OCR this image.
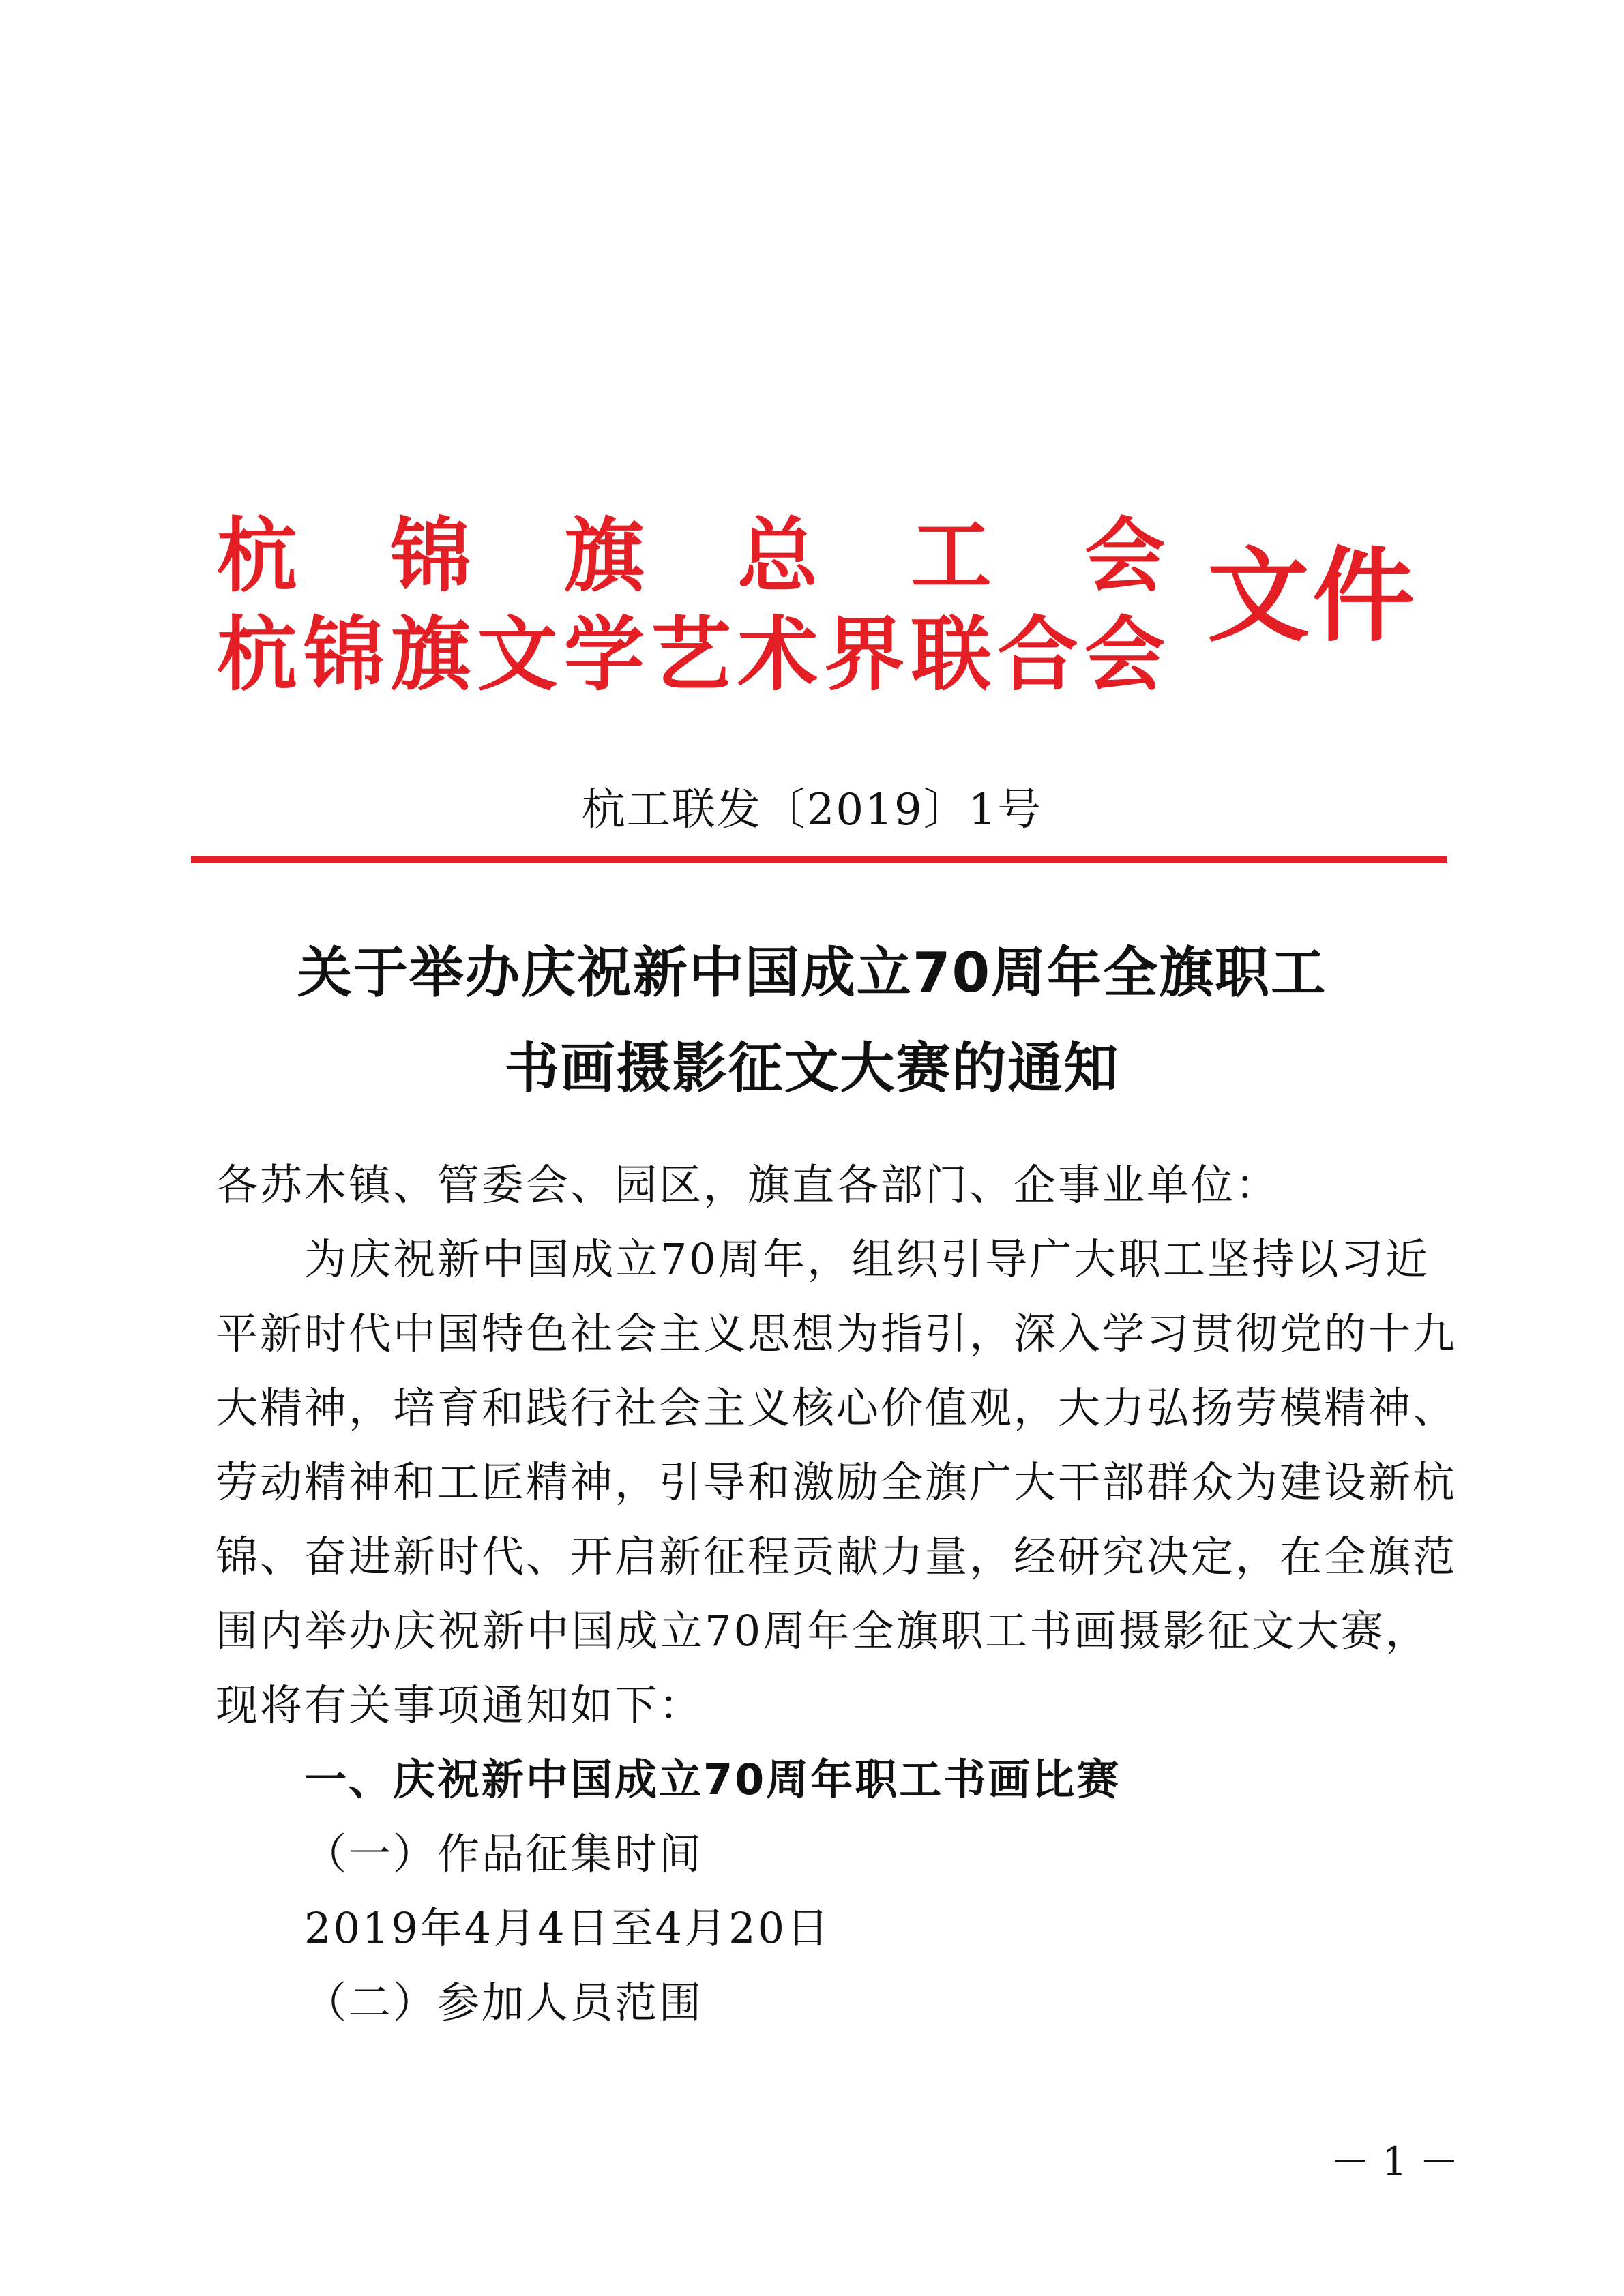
杭 锦 旗 总 工 会
杭 锦 旗 文 学 艺 术 界 联 合 会 文件
杭工联发〔2019〕1号
关于举办庆祝新中国成立70周年全旗职工
书画摄影征文大赛的通知
各苏木镇、管委会、园区，旗直各部门、企事业单位：
为庆祝新中国成立70周年，组织引导广大职工坚持以习近
平新时代中国特色社会主义思想为指引，深入学习贯彻党的十九
大精神，培育和践行社会主义核心价值观，大力弘扬劳模精神、
劳动精神和工匠精神，引导和激励全旗广大干部群众为建设新杭
锦、奋进新时代、开启新征程贡献力量，经研究决定，在全旗范
围内举办庆祝新中国成立70周年全旗职工书画摄影征文大赛，
现将有关事项通知如下：
一、庆祝新中国成立70周年职工书画比赛
（一）作品征集时间
2019年4月4日至4月20日
（二）参加人员范围
－1－
